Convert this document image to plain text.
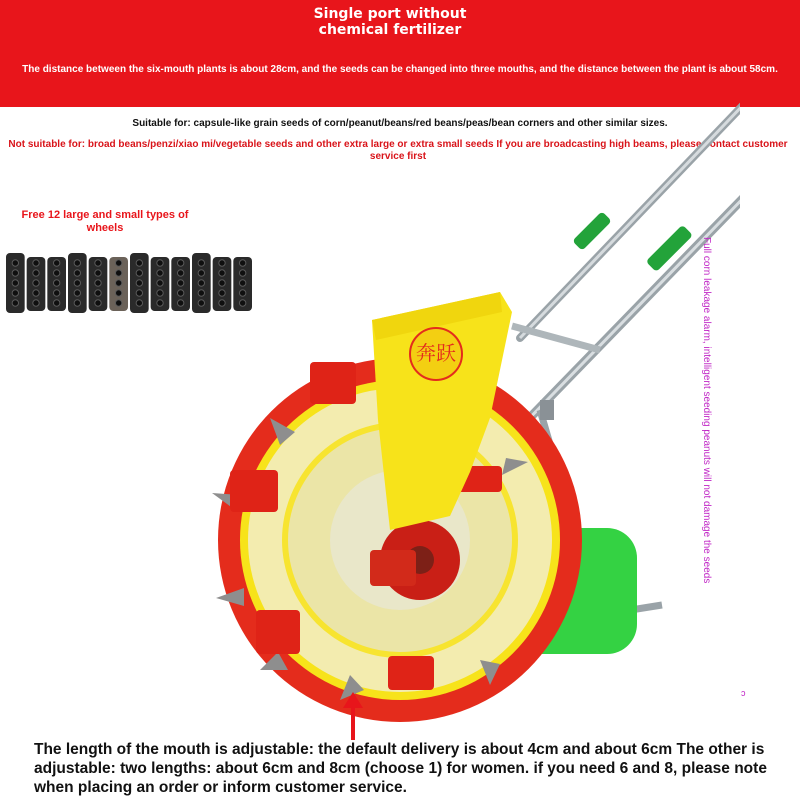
Single port without
chemical fertilizer
The distance between the six-mouth plants is about 28cm, and the seeds can be changed into three mouths, and the distance between the plant is about 58cm.
Suitable for: capsule-like grain seeds of corn/peanut/beans/red beans/peas/bean corners and other similar sizes.
Not suitable for: broad beans/penzi/xiao mi/vegetable seeds and other extra large or extra small seeds If you are broadcasting high beams, please contact customer service first
Free 12 large and small types of wheels
奔跃	Full corn leakage alarm, intelligent seeding peanuts will not damage the seeds
ɔ
The length of the mouth is adjustable: the default delivery is about 4cm and about 6cm The other is adjustable: two lengths: about 6cm and 8cm (choose 1) for women. if you need 6 and 8, please note when placing an order or inform customer service.
